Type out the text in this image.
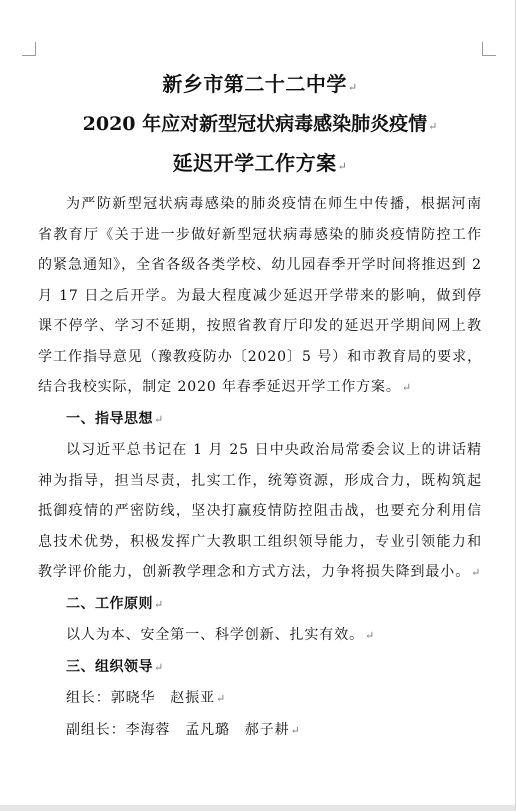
新乡市第二十二中学↵
2020 年应对新型冠状病毒感染肺炎疫情↵
延迟开学工作方案↵

为严防新型冠状病毒感染的肺炎疫情在师生中传播，根据河南省教育厅《关于进一步做好新型冠状病毒感染的肺炎疫情防控工作的紧急通知》，全省各级各类学校、幼儿园春季开学时间将推迟到 2 月 17 日之后开学。为最大程度减少延迟开学带来的影响，做到停课不停学、学习不延期，按照省教育厅印发的延迟开学期间网上教学工作指导意见（豫教疫防办〔2020〕5 号）和市教育局的要求，结合我校实际，制定 2020 年春季延迟开学工作方案。↵

一、指导思想↵

以习近平总书记在 1 月 25 日中央政治局常委会议上的讲话精神为指导，担当尽责，扎实工作，统筹资源，形成合力，既构筑起抵御疫情的严密防线，坚决打赢疫情防控阻击战，也要充分利用信息技术优势，积极发挥广大教职工组织领导能力，专业引领能力和教学评价能力，创新教学理念和方式方法，力争将损失降到最小。↵

二、工作原则↵

以人为本、安全第一、科学创新、扎实有效。↵

三、组织领导↵

组长：郭晓华　赵振亚↵

副组长：李海蓉　孟凡璐　郝子耕↵
